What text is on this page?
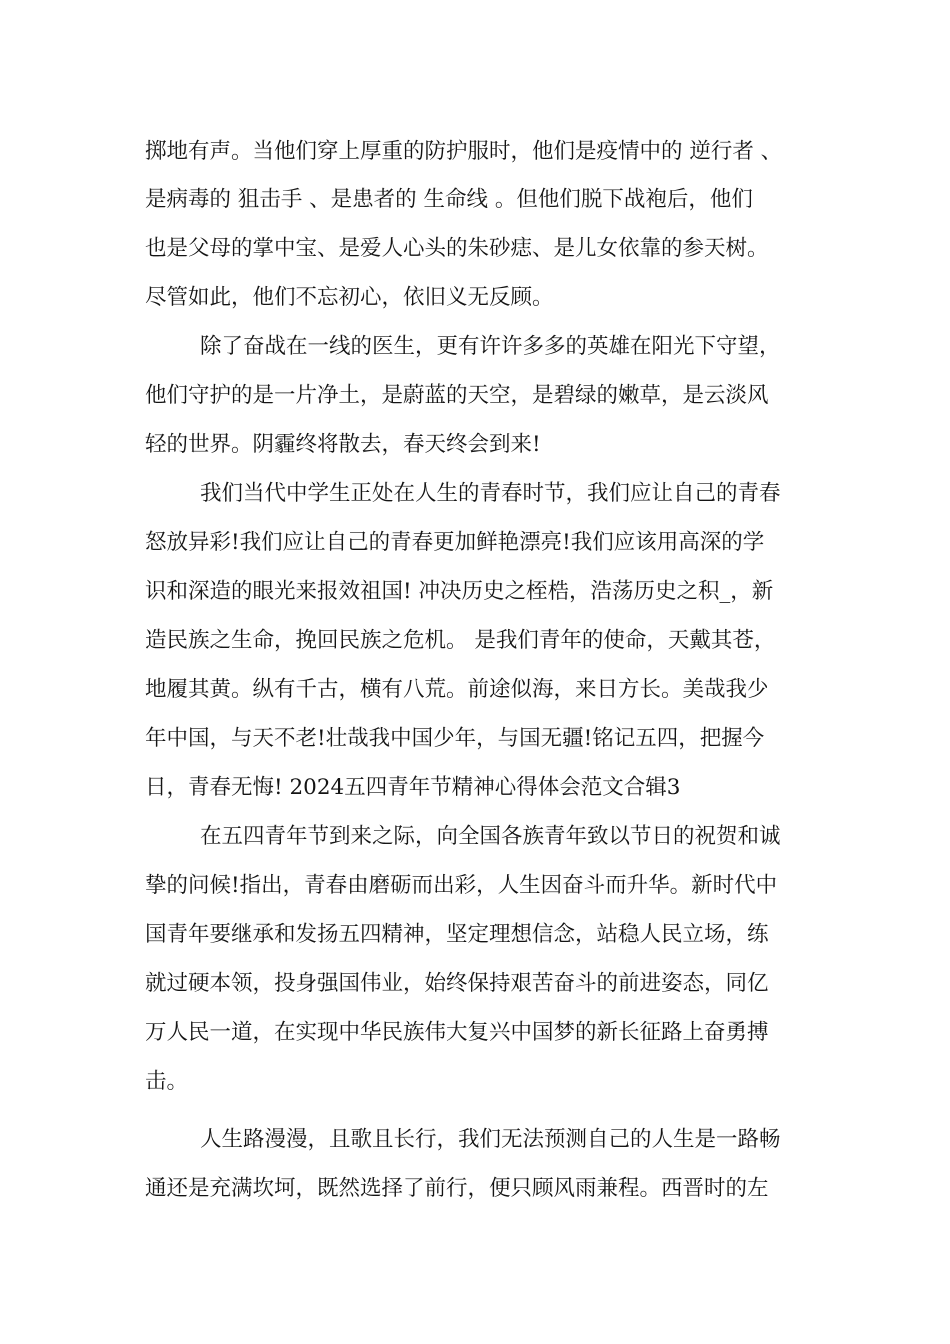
掷地有声。当他们穿上厚重的防护服时，他们是疫情中的 逆行者 、
是病毒的 狙击手 、是患者的 生命线 。但他们脱下战袍后，他们
也是父母的掌中宝、是爱人心头的朱砂痣、是儿女依靠的参天树。
尽管如此，他们不忘初心，依旧义无反顾。
除了奋战在一线的医生，更有许许多多的英雄在阳光下守望，
他们守护的是一片净土，是蔚蓝的天空，是碧绿的嫩草，是云淡风
轻的世界。阴霾终将散去，春天终会到来!
我们当代中学生正处在人生的青春时节，我们应让自己的青春
怒放异彩!我们应让自己的青春更加鲜艳漂亮!我们应该用高深的学
识和深造的眼光来报效祖国! 冲决历史之桎梏，浩荡历史之积_，新
造民族之生命，挽回民族之危机。 是我们青年的使命，天戴其苍，
地履其黄。纵有千古，横有八荒。前途似海，来日方长。美哉我少
年中国，与天不老!壮哉我中国少年，与国无疆!铭记五四，把握今
日，青春无悔! 2024五四青年节精神心得体会范文合辑3
在五四青年节到来之际，向全国各族青年致以节日的祝贺和诚
挚的问候!指出，青春由磨砺而出彩，人生因奋斗而升华。新时代中
国青年要继承和发扬五四精神，坚定理想信念，站稳人民立场，练
就过硬本领，投身强国伟业，始终保持艰苦奋斗的前进姿态，同亿
万人民一道，在实现中华民族伟大复兴中国梦的新长征路上奋勇搏
击。
人生路漫漫，且歌且长行，我们无法预测自己的人生是一路畅
通还是充满坎坷，既然选择了前行，便只顾风雨兼程。西晋时的左
